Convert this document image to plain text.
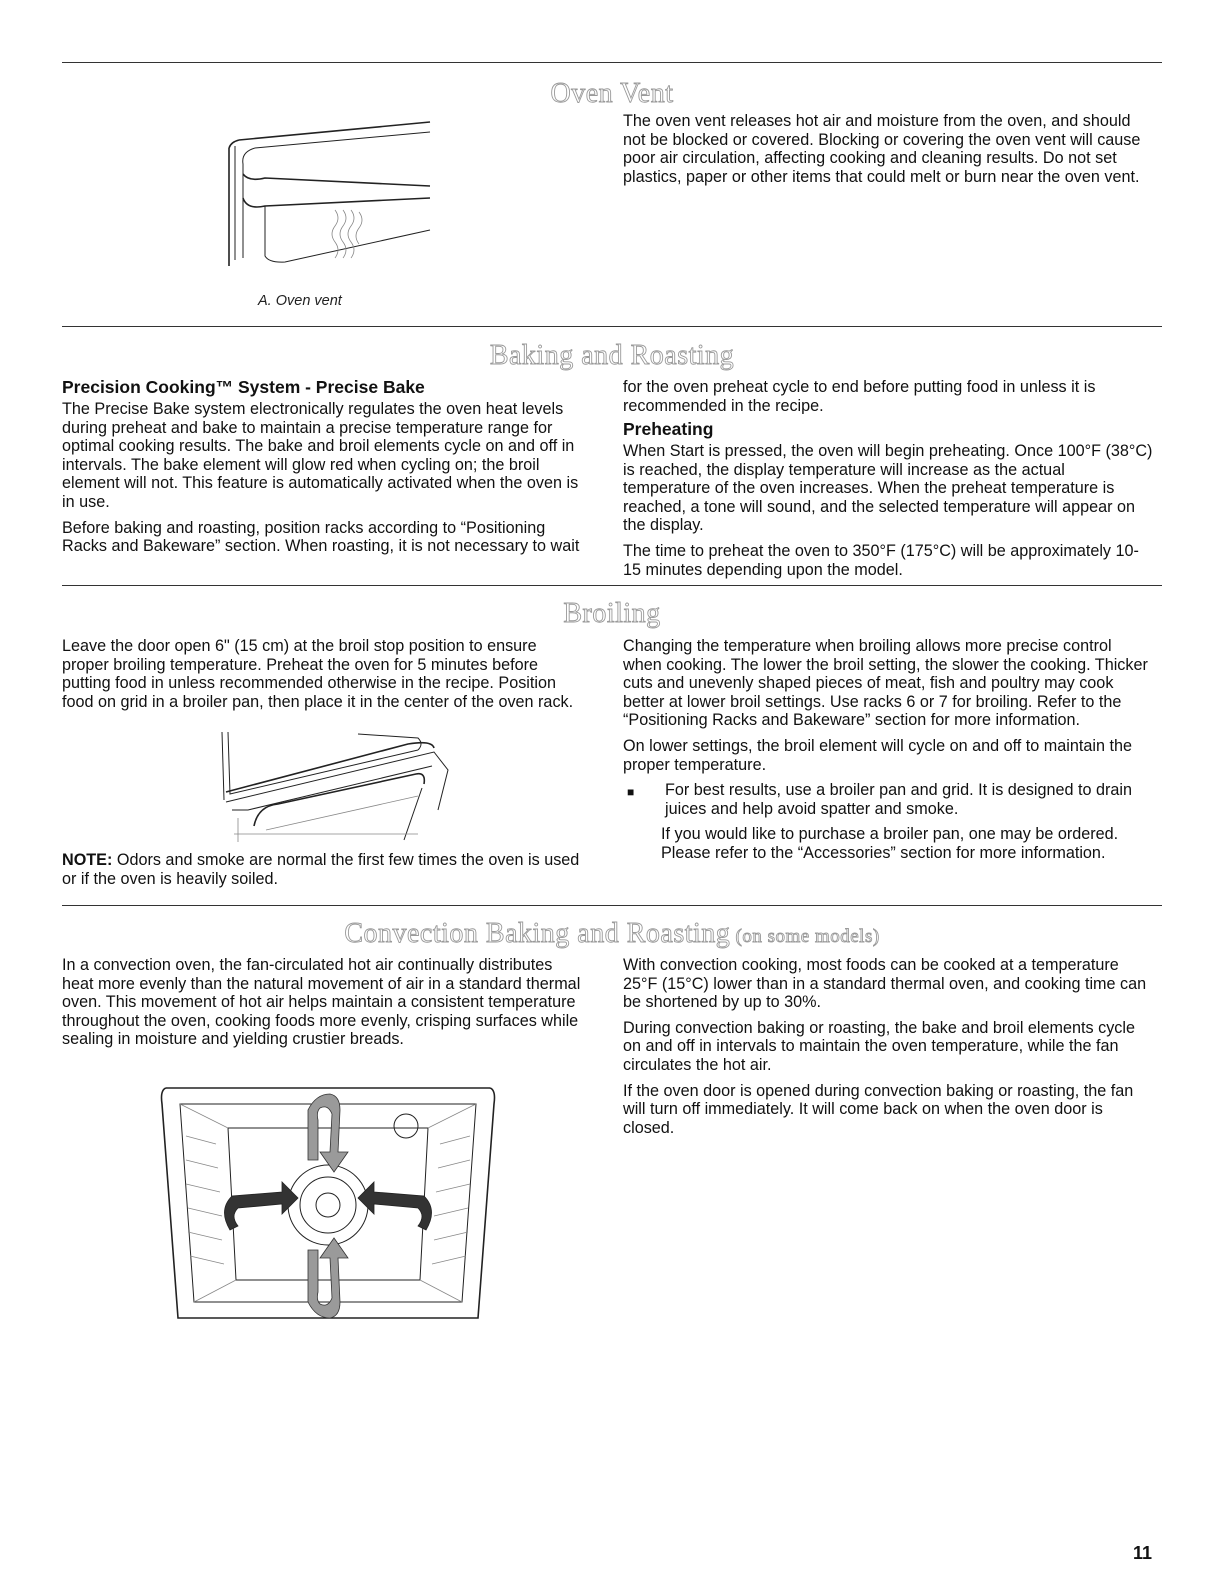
Oven Vent
A. Oven vent

The oven vent releases hot air and moisture from the oven, and should not be blocked or covered. Blocking or covering the oven vent will cause poor air circulation, affecting cooking and cleaning results. Do not set plastics, paper or other items that could melt or burn near the oven vent.

Baking and Roasting
Precision Cooking™ System - Precise Bake

The Precise Bake system electronically regulates the oven heat levels during preheat and bake to maintain a precise temperature range for optimal cooking results. The bake and broil elements cycle on and off in intervals. The bake element will glow red when cycling on; the broil element will not. This feature is automatically activated when the oven is in use.

Before baking and roasting, position racks according to “Positioning Racks and Bakeware” section. When roasting, it is not necessary to wait

for the oven preheat cycle to end before putting food in unless it is recommended in the recipe.

Preheating

When Start is pressed, the oven will begin preheating. Once 100°F (38°C) is reached, the display temperature will increase as the actual temperature of the oven increases. When the preheat temperature is reached, a tone will sound, and the selected temperature will appear on the display.

The time to preheat the oven to 350°F (175°C) will be approximately 10-15 minutes depending upon the model.

Broiling

Leave the door open 6" (15 cm) at the broil stop position to ensure proper broiling temperature. Preheat the oven for 5 minutes before putting food in unless recommended otherwise in the recipe. Position food on grid in a broiler pan, then place it in the center of the oven rack.

NOTE: Odors and smoke are normal the first few times the oven is used or if the oven is heavily soiled.

Changing the temperature when broiling allows more precise control when cooking. The lower the broil setting, the slower the cooking. Thicker cuts and unevenly shaped pieces of meat, fish and poultry may cook better at lower broil settings. Use racks 6 or 7 for broiling. Refer to the “Positioning Racks and Bakeware” section for more information.

On lower settings, the broil element will cycle on and off to maintain the proper temperature.

■	For best results, use a broiler pan and grid. It is designed to drain juices and help avoid spatter and smoke.

If you would like to purchase a broiler pan, one may be ordered. Please refer to the “Accessories” section for more information.

Convection Baking and Roasting (on some models)

In a convection oven, the fan-circulated hot air continually distributes heat more evenly than the natural movement of air in a standard thermal oven. This movement of hot air helps maintain a consistent temperature throughout the oven, cooking foods more evenly, crisping surfaces while sealing in moisture and yielding crustier breads.

With convection cooking, most foods can be cooked at a temperature 25°F (15°C) lower than in a standard thermal oven, and cooking time can be shortened by up to 30%.

During convection baking or roasting, the bake and broil elements cycle on and off in intervals to maintain the oven temperature, while the fan circulates the hot air.

If the oven door is opened during convection baking or roasting, the fan will turn off immediately. It will come back on when the oven door is closed.

11
